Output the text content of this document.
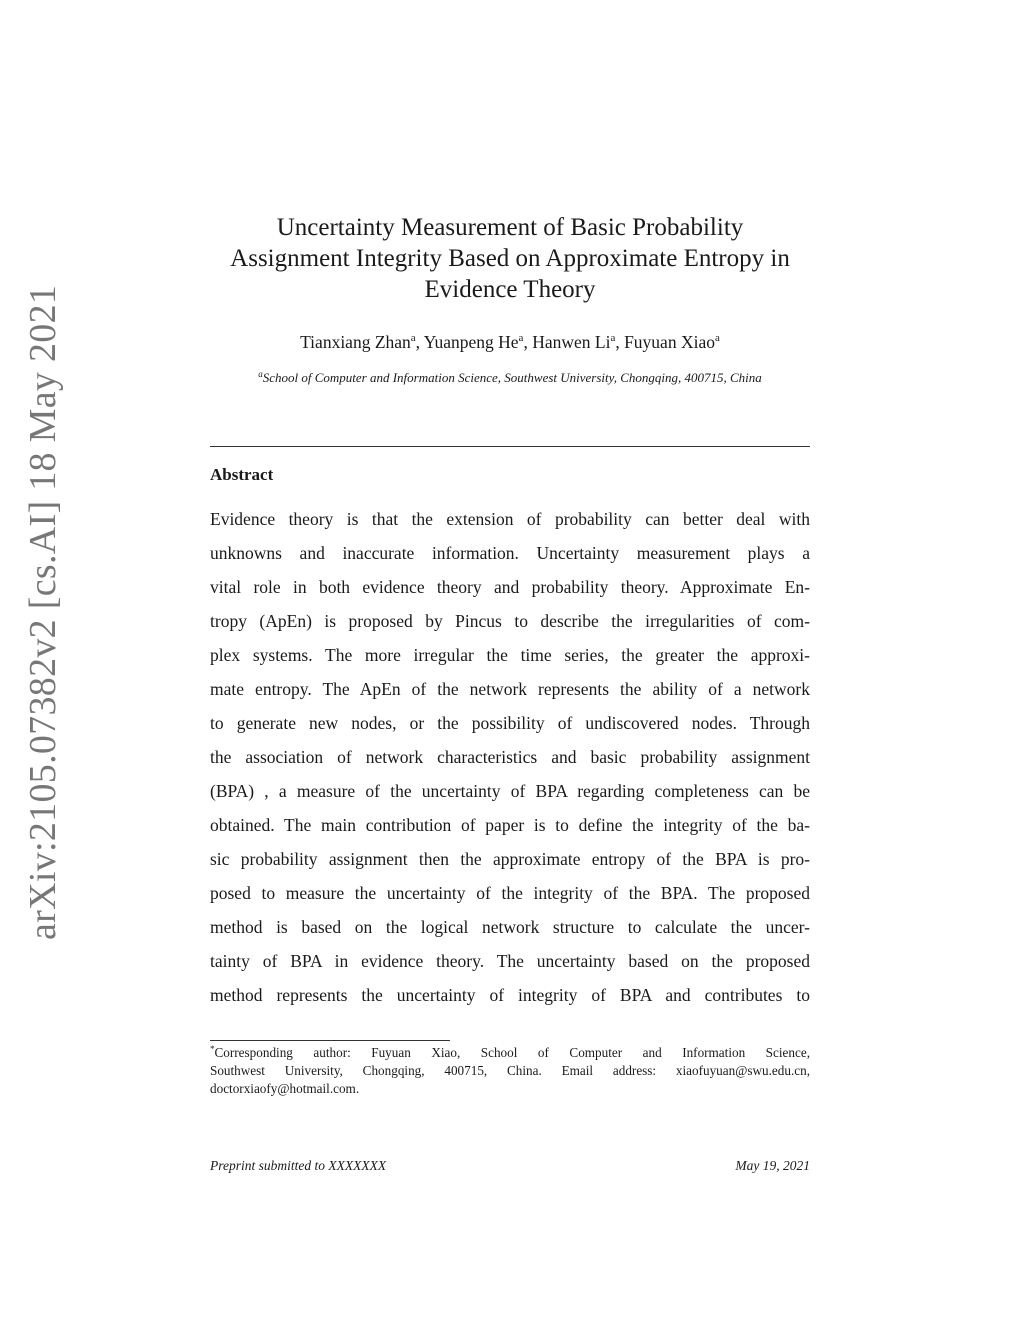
arXiv:2105.07382v2 [cs.AI] 18 May 2021
Uncertainty Measurement of Basic Probability
Assignment Integrity Based on Approximate Entropy in
Evidence Theory
Tianxiang Zhan$^a$, Yuanpeng He$^a$, Hanwen Li$^a$, Fuyuan Xiao$^a$
$^a$School of Computer and Information Science, Southwest University, Chongqing, 400715, China
Abstract
Evidence theory is that the extension of probability can better deal with
unknowns and inaccurate information. Uncertainty measurement plays a
vital role in both evidence theory and probability theory. Approximate En-
tropy (ApEn) is proposed by Pincus to describe the irregularities of com-
plex systems. The more irregular the time series, the greater the approxi-
mate entropy. The ApEn of the network represents the ability of a network
to generate new nodes, or the possibility of undiscovered nodes. Through
the association of network characteristics and basic probability assignment
(BPA) , a measure of the uncertainty of BPA regarding completeness can be
obtained. The main contribution of paper is to define the integrity of the ba-
sic probability assignment then the approximate entropy of the BPA is pro-
posed to measure the uncertainty of the integrity of the BPA. The proposed
method is based on the logical network structure to calculate the uncer-
tainty of BPA in evidence theory. The uncertainty based on the proposed
method represents the uncertainty of integrity of BPA and contributes to
*Corresponding author: Fuyuan Xiao, School of Computer and Information Science,
Southwest University, Chongqing, 400715, China. Email address: xiaofuyuan@swu.edu.cn,
doctorxiaofy@hotmail.com.
Preprint submitted to XXXXXXX	May 19, 2021
